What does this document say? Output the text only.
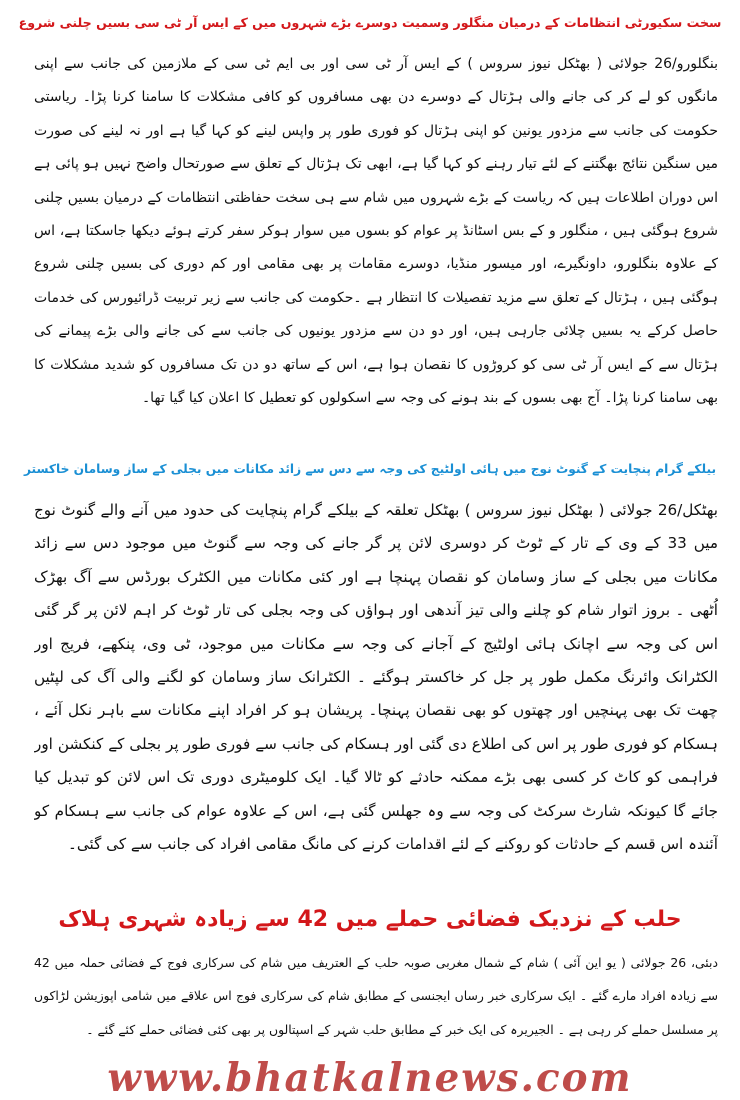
سخت سکیورٹی انتظامات کے درمیان منگلور وسمیت دوسرے بڑے شہروں میں کے ایس آر ٹی سی بسیں چلنی شروع

بنگلورو/26 جولائی ( بھٹکل نیوز سروس ) کے ایس آر ٹی سی اور بی ایم ٹی سی کے ملازمین کی جانب سے اپنی مانگوں کو لے کر کی جانے والی ہڑتال کے دوسرے دن بھی مسافروں کو کافی مشکلات کا سامنا کرنا پڑا۔ ریاستی حکومت کی جانب سے مزدور یونین کو اپنی ہڑتال کو فوری طور پر واپس لینے کو کہا گیا ہے اور نہ لینے کی صورت میں سنگین نتائج بھگتنے کے لئے تیار رہنے کو کہا گیا ہے، ابھی تک ہڑتال کے تعلق سے صورتحال واضح نہیں ہو پائی ہے اس دوران اطلاعات ہیں کہ ریاست کے بڑے شہروں میں شام سے ہی سخت حفاظتی انتظامات کے درمیان بسیں چلنی شروع ہوگئی ہیں ، منگلور و کے بس اسٹانڈ پر عوام کو بسوں میں سوار ہوکر سفر کرتے ہوئے دیکھا جاسکتا ہے، اس کے علاوہ بنگلورو، داونگیرے، اور میسور منڈیا، دوسرے مقامات پر بھی مقامی اور کم دوری کی بسیں چلنی شروع ہوگئی ہیں ، ہڑتال کے تعلق سے مزید تفصیلات کا انتظار ہے ۔حکومت کی جانب سے زیر تربیت ڈرائیورس کی خدمات حاصل کرکے یہ بسیں چلائی جارہی ہیں، اور دو دن سے مزدور یونیوں کی جانب سے کی جانے والی بڑے پیمانے کی ہڑتال سے کے ایس آر ٹی سی کو کروڑوں کا نقصان ہوا ہے، اس کے ساتھ دو دن تک مسافروں کو شدید مشکلات کا بھی سامنا کرنا پڑا۔ آج بھی بسوں کے بند ہونے کی وجہ سے اسکولوں کو تعطیل کا اعلان کیا گیا تھا۔

بیلکے گرام پنچایت کے گنوٹ نوج میں ہائی اولٹیج کی وجہ سے دس سے زائد مکانات میں بجلی کے ساز وسامان خاکستر

بھٹکل/26 جولائی ( بھٹکل نیوز سروس ) بھٹکل تعلقہ کے بیلکے گرام پنچایت کی حدود میں آنے والے گنوٹ نوج میں 33 کے وی کے تار کے ٹوٹ کر دوسری لائن پر گر جانے کی وجہ سے گنوٹ میں موجود دس سے زائد مکانات میں بجلی کے ساز وسامان کو نقصان پہنچا ہے اور کئی مکانات میں الکٹرک بورڈس سے آگ بھڑک اُٹھی ۔ بروز اتوار شام کو چلنے والی تیز آندھی اور ہواؤں کی وجہ بجلی کی تار ٹوٹ کر اہم لائن پر گر گئی اس کی وجہ سے اچانک ہائی اولٹیج کے آجانے کی وجہ سے مکانات میں موجود، ٹی وی، پنکھے، فریج اور الکٹرانک وائرنگ مکمل طور پر جل کر خاکستر ہوگئے ۔ الکٹرانک ساز وسامان کو لگنے والی آگ کی لپٹیں چھت تک بھی پہنچیں اور چھتوں کو بھی نقصان پہنچا۔ پریشان ہو کر افراد اپنے مکانات سے باہر نکل آئے ، ہسکام کو فوری طور پر اس کی اطلاع دی گئی اور ہسکام کی جانب سے فوری طور پر بجلی کے کنکشن اور فراہمی کو کاٹ کر کسی بھی بڑے ممکنہ حادثے کو ٹالا گیا۔ ایک کلومیٹری دوری تک اس لائن کو تبدیل کیا جائے گا کیونکہ شارٹ سرکٹ کی وجہ سے وہ جھلس گئی ہے، اس کے علاوہ عوام کی جانب سے ہسکام کو آئندہ اس قسم کے حادثات کو روکنے کے لئے اقدامات کرنے کی مانگ مقامی افراد کی جانب سے کی گئی۔

حلب کے نزدیک فضائی حملے میں 42 سے زیادہ شہری ہلاک

دبئی، 26 جولائی ( یو این آئی ) شام کے شمال مغربی صوبہ حلب کے العتریف میں شام کی سرکاری فوج کے فضائی حملہ میں 42 سے زیادہ افراد مارے گئے ۔ ایک سرکاری خبر رساں ایجنسی کے مطابق شام کی سرکاری فوج اس علاقے میں شامی اپوزیشن لڑاکوں پر مسلسل حملے کر رہی ہے ۔ الجیریرہ کی ایک خبر کے مطابق حلب شہر کے اسپتالوں پر بھی کئی فضائی حملے کئے گئے ۔

www.bhatkalnews.com
